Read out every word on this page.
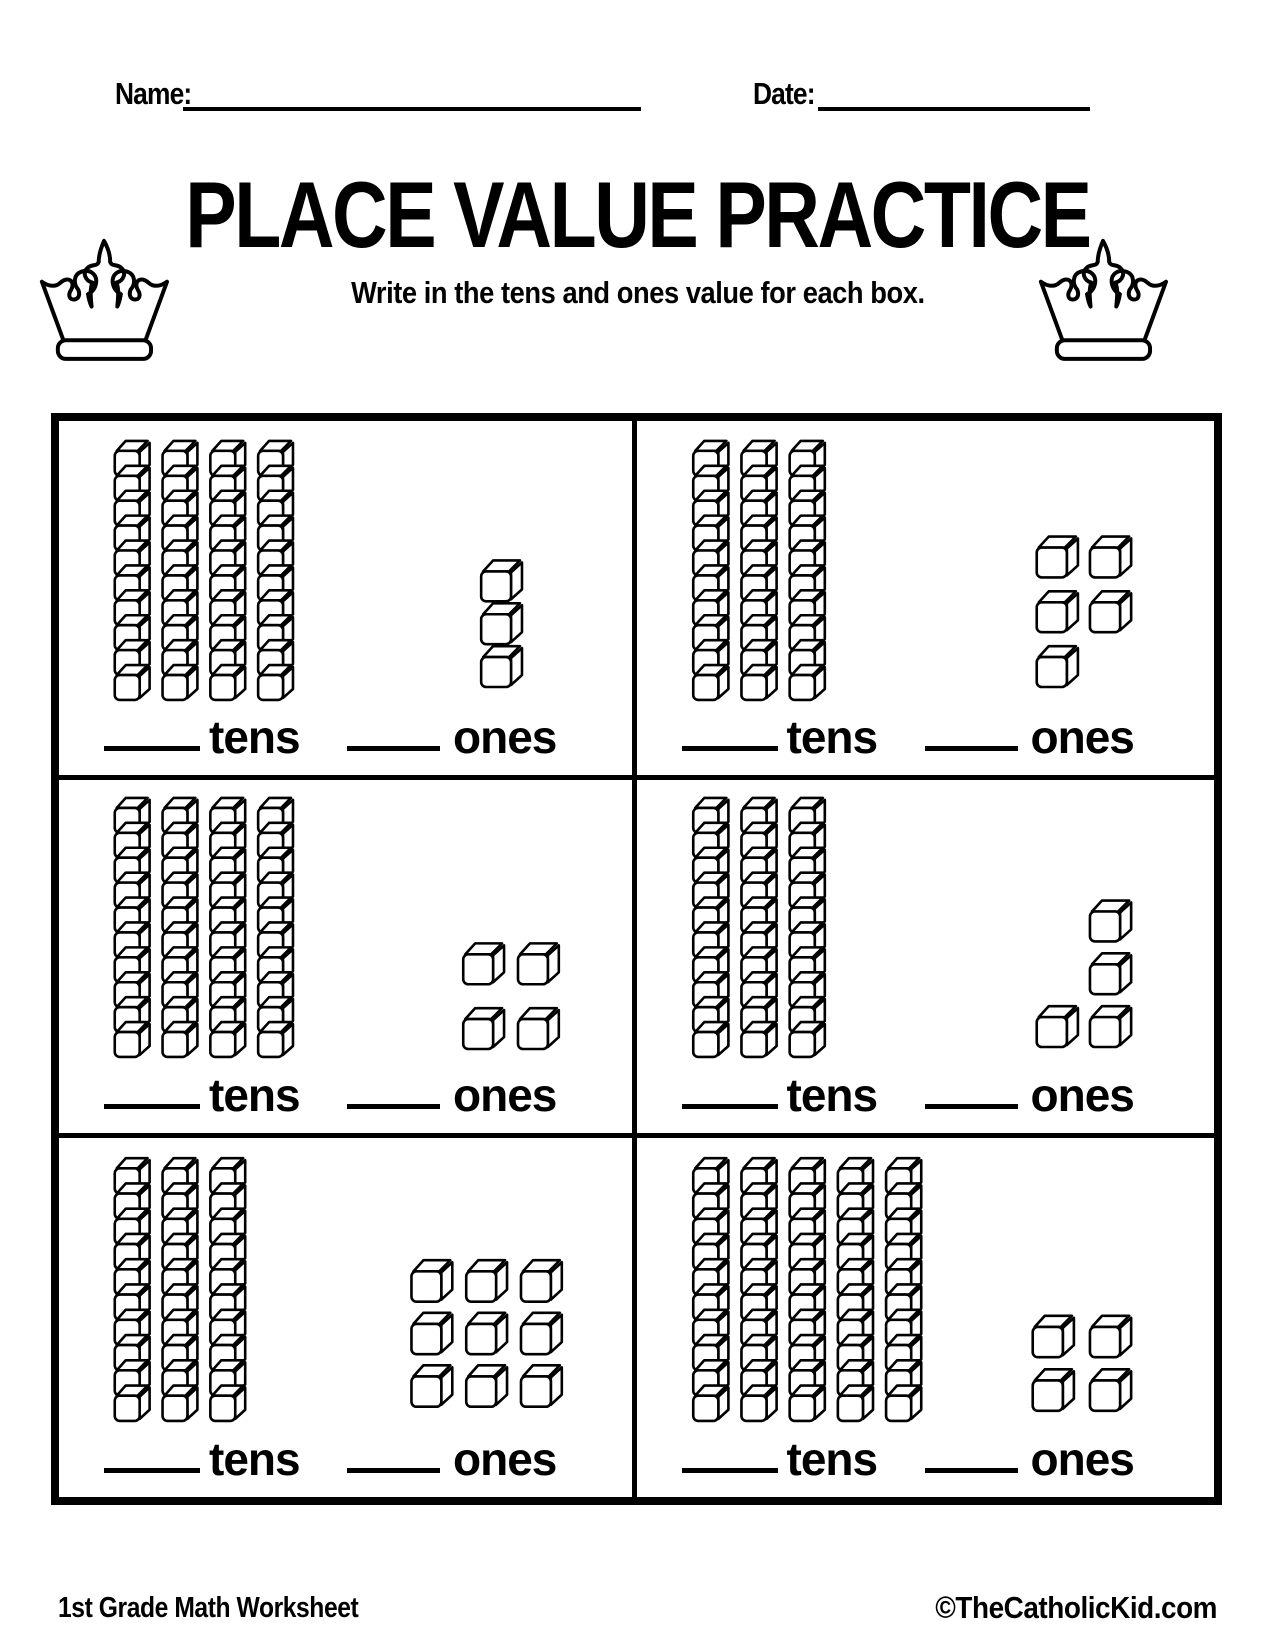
Name:	Date:
PLACE VALUE PRACTICE
Write in the tens and ones value for each box.
tens	ones	tens	ones
tens	ones	tens	ones
tens	ones	tens	ones
1st Grade Math Worksheet	©TheCatholicKid.com
